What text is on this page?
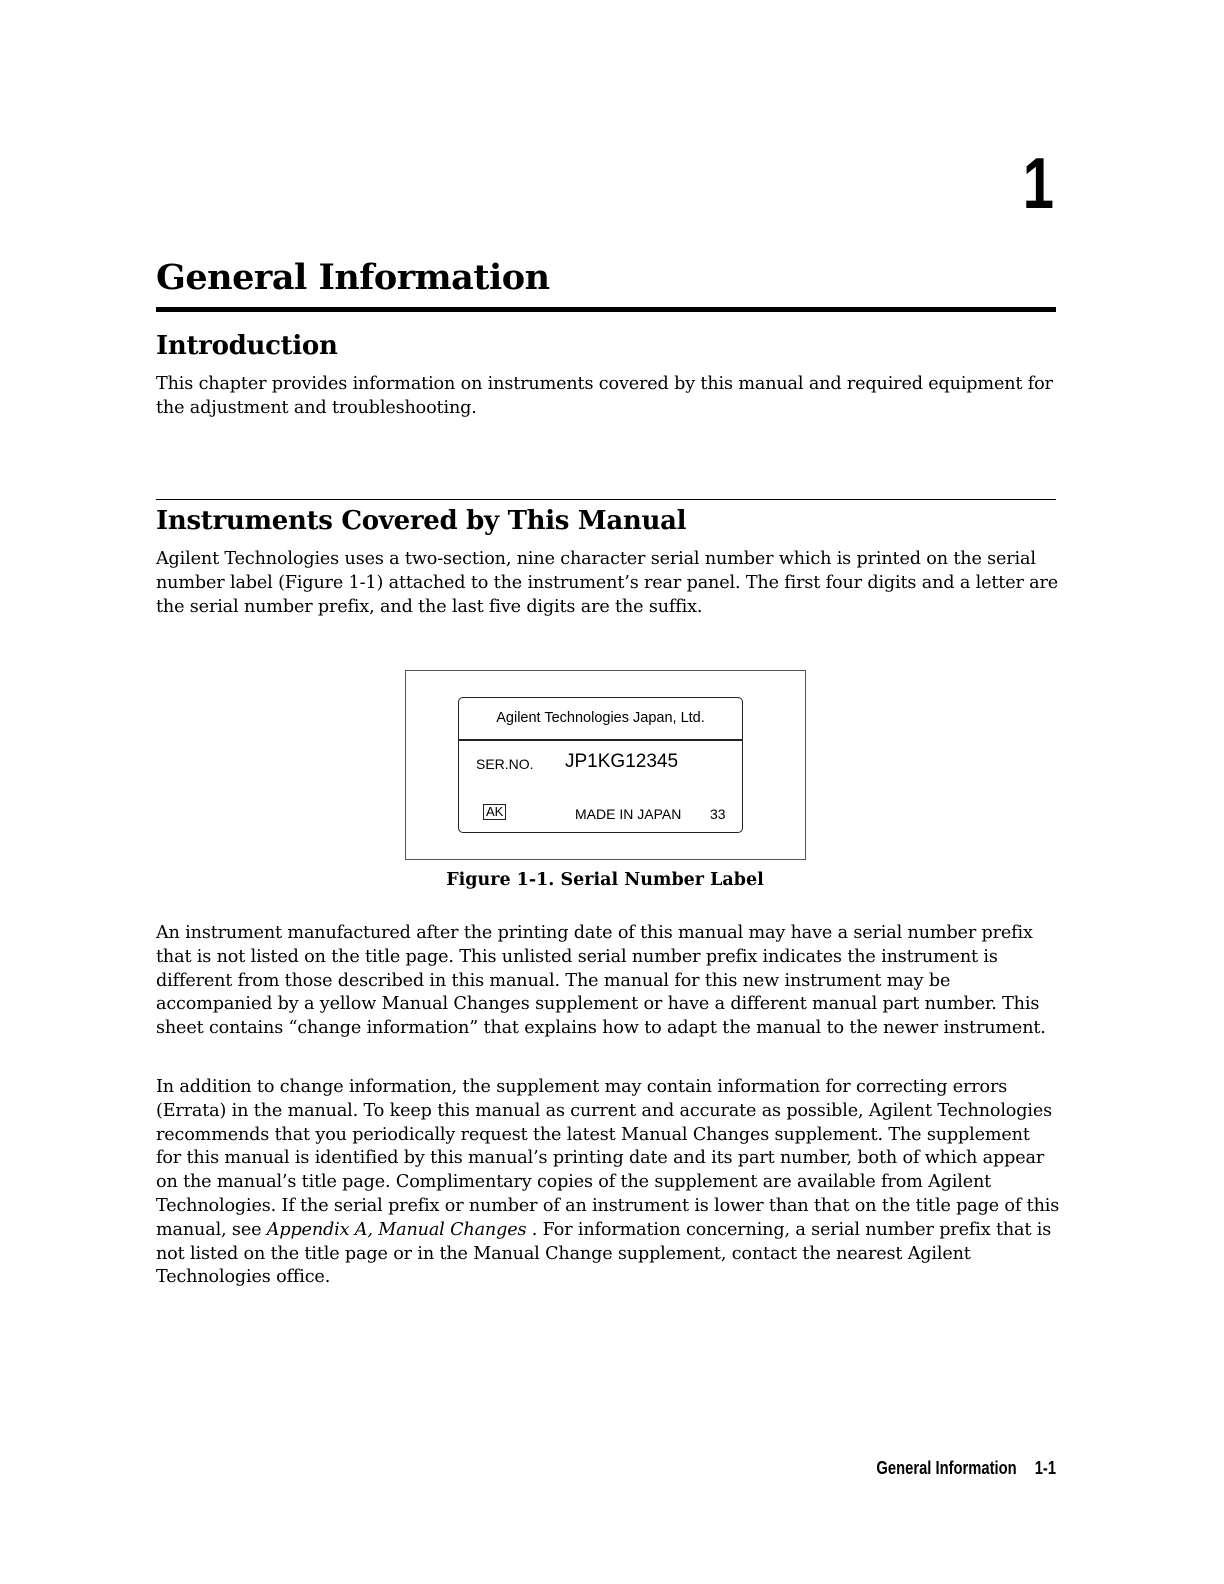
1
General Information
Introduction

This chapter provides information on instruments covered by this manual and required equipment for the adjustment and troubleshooting.

Instruments Covered by This Manual

Agilent Technologies uses a two-section, nine character serial number which is printed on the serial number label (Figure 1-1) attached to the instrument’s rear panel. The first four digits and a letter are the serial number prefix, and the last five digits are the suffix.

Agilent Technologies Japan, Ltd.
SER.NO. JP1KG12345
AK	MADE IN JAPAN 33

Figure 1-1. Serial Number Label

An instrument manufactured after the printing date of this manual may have a serial number prefix that is not listed on the title page. This unlisted serial number prefix indicates the instrument is different from those described in this manual. The manual for this new instrument may be accompanied by a yellow Manual Changes supplement or have a different manual part number. This sheet contains “change information” that explains how to adapt the manual to the newer instrument.

In addition to change information, the supplement may contain information for correcting errors (Errata) in the manual. To keep this manual as current and accurate as possible, Agilent Technologies recommends that you periodically request the latest Manual Changes supplement. The supplement for this manual is identified by this manual’s printing date and its part number, both of which appear on the manual’s title page. Complimentary copies of the supplement are available from Agilent Technologies. If the serial prefix or number of an instrument is lower than that on the title page of this manual, see Appendix A, Manual Changes . For information concerning, a serial number prefix that is not listed on the title page or in the Manual Change supplement, contact the nearest Agilent Technologies office.

General Information 1-1
